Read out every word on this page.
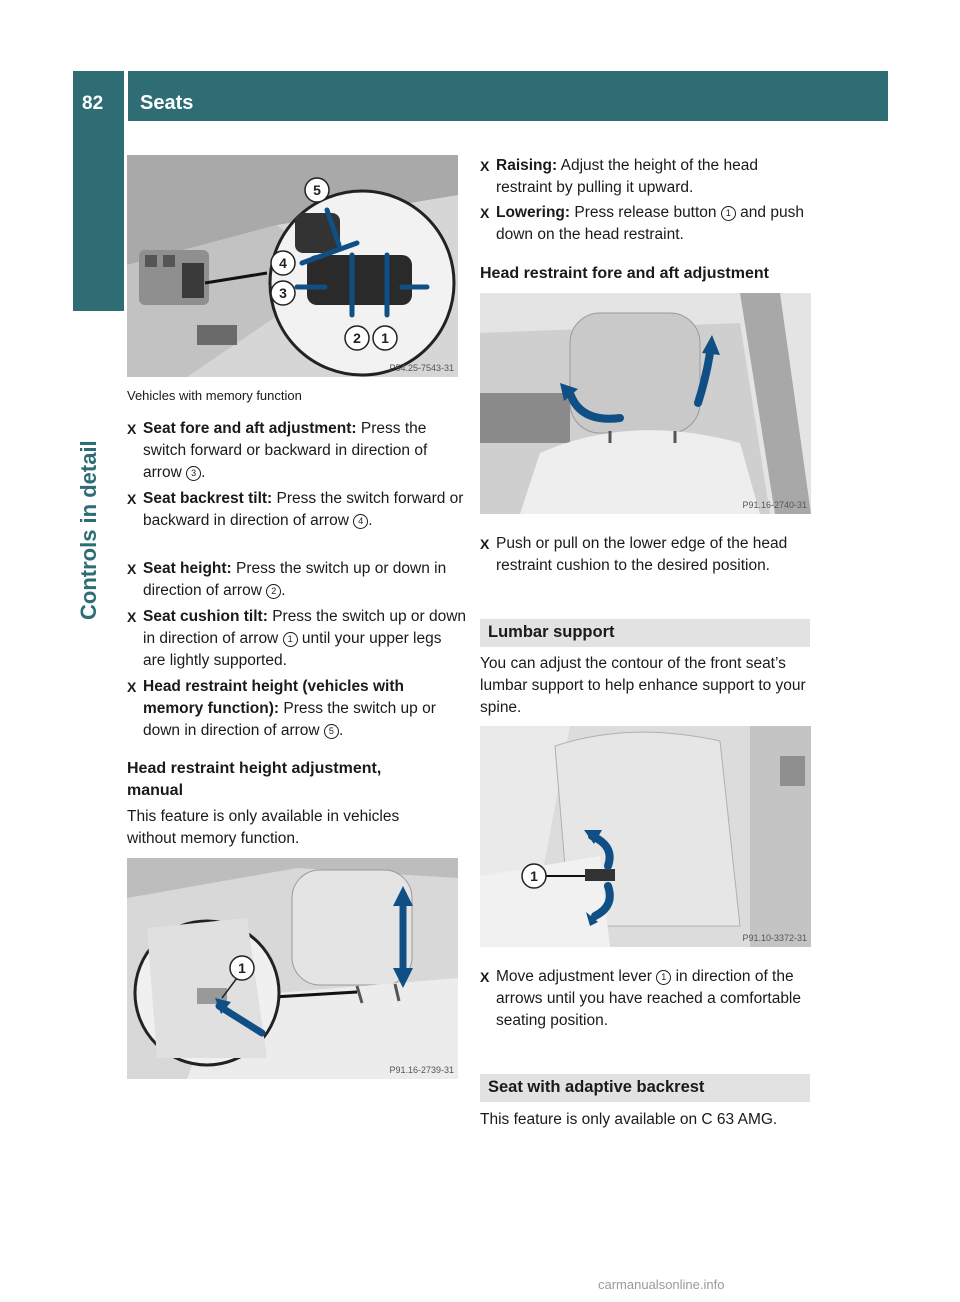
82 Seats
Controls in detail
5
4
3
2 1
P54.25-7543-31
Vehicles with memory function
X Seat fore and aft adjustment: Press the switch forward or backward in direction of arrow 3 .
X Seat backrest tilt: Press the switch forward or backward in direction of arrow 4 .
X Seat height: Press the switch up or down in direction of arrow 2 .
X Seat cushion tilt: Press the switch up or down in direction of arrow 1 until your upper legs are lightly supported.
X Head restraint height (vehicles with memory function): Press the switch up or down in direction of arrow 5 .
Head restraint height adjustment, manual
This feature is only available in vehicles without memory function.
1
P91.16-2739-31
X Raising: Adjust the height of the head restraint by pulling it upward.
X Lowering: Press release button 1 and push down on the head restraint.
Head restraint fore and aft adjustment
P91.16-2740-31
X Push or pull on the lower edge of the head restraint cushion to the desired position.
Lumbar support
You can adjust the contour of the front seat’s lumbar support to help enhance support to your spine.
1
P91.10-3372-31
X Move adjustment lever 1 in direction of the arrows until you have reached a comfortable seating position.
Seat with adaptive backrest
This feature is only available on C 63 AMG.
carmanualsonline.info
